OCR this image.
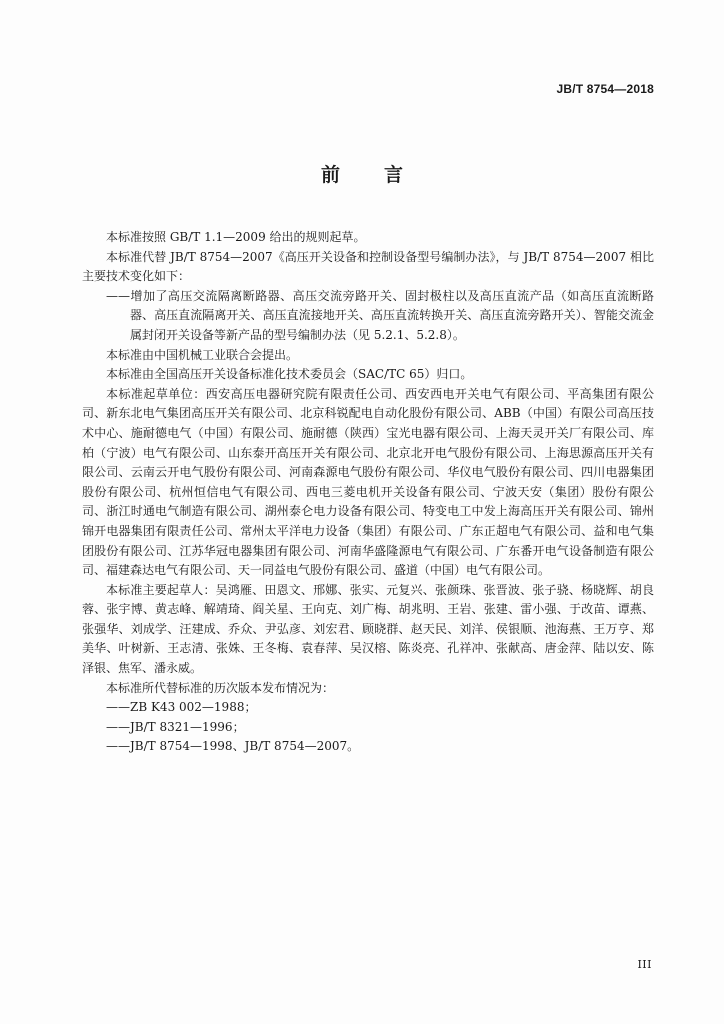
JB/T 8754—2018
前言

本标准按照 GB/T 1.1—2009 给出的规则起草。

本标准代替 JB/T 8754—2007《高压开关设备和控制设备型号编制办法》，与 JB/T 8754—2007 相比主要技术变化如下：

——增加了高压交流隔离断路器、高压交流旁路开关、固封极柱以及高压直流产品（如高压直流断路器、高压直流隔离开关、高压直流接地开关、高压直流转换开关、高压直流旁路开关）、智能交流金属封闭开关设备等新产品的型号编制办法（见 5.2.1、5.2.8）。

本标准由中国机械工业联合会提出。

本标准由全国高压开关设备标准化技术委员会（SAC/TC 65）归口。

本标准起草单位：西安高压电器研究院有限责任公司、西安西电开关电气有限公司、平高集团有限公司、新东北电气集团高压开关有限公司、北京科锐配电自动化股份有限公司、ABB（中国）有限公司高压技术中心、施耐德电气（中国）有限公司、施耐德（陕西）宝光电器有限公司、上海天灵开关厂有限公司、库柏（宁波）电气有限公司、山东泰开高压开关有限公司、北京北开电气股份有限公司、上海思源高压开关有限公司、云南云开电气股份有限公司、河南森源电气股份有限公司、华仪电气股份有限公司、四川电器集团股份有限公司、杭州恒信电气有限公司、西电三菱电机开关设备有限公司、宁波天安（集团）股份有限公司、浙江时通电气制造有限公司、湖州泰仑电力设备有限公司、特变电工中发上海高压开关有限公司、锦州锦开电器集团有限责任公司、常州太平洋电力设备（集团）有限公司、广东正超电气有限公司、益和电气集团股份有限公司、江苏华冠电器集团有限公司、河南华盛隆源电气有限公司、广东番开电气设备制造有限公司、福建森达电气有限公司、天一同益电气股份有限公司、盛道（中国）电气有限公司。

本标准主要起草人：吴鸿雁、田恩文、邢娜、张实、元复兴、张颜珠、张晋波、张子骁、杨晓辉、胡良蓉、张宇博、黄志峰、解靖琦、阎关星、王向克、刘广梅、胡兆明、王岩、张建、雷小强、于改苗、谭燕、张强华、刘成学、汪建成、乔众、尹弘彦、刘宏君、顾晓群、赵天民、刘洋、侯银顺、池海燕、王万亨、郑美华、叶树新、王志清、张姝、王冬梅、袁春萍、吴汉榕、陈炎亮、孔祥冲、张献高、唐金萍、陆以安、陈泽银、焦军、潘永威。

本标准所代替标准的历次版本发布情况为：

——ZB K43 002—1988；

——JB/T 8321—1996；

——JB/T 8754—1998、JB/T 8754—2007。

III
